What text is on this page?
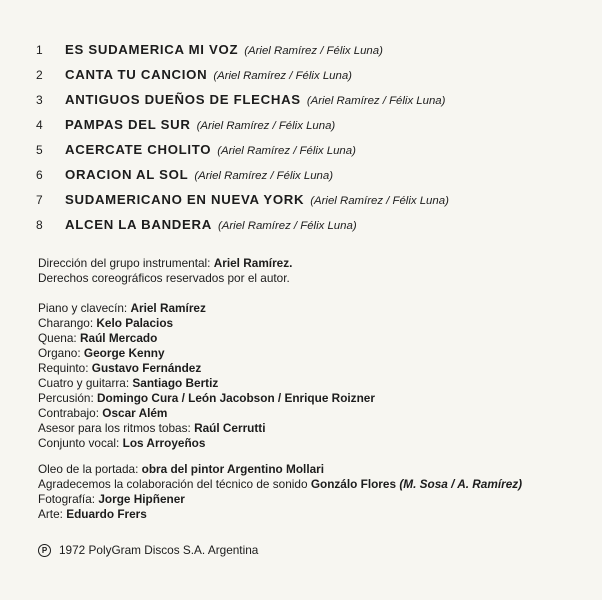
1	ES SUDAMERICA MI VOZ (Ariel Ramírez / Félix Luna)
2	CANTA TU CANCION (Ariel Ramírez / Félix Luna)
3	ANTIGUOS DUEÑOS DE FLECHAS (Ariel Ramírez / Félix Luna)
4	PAMPAS DEL SUR (Ariel Ramírez / Félix Luna)
5	ACERCATE CHOLITO (Ariel Ramírez / Félix Luna)
6	ORACION AL SOL (Ariel Ramírez / Félix Luna)
7	SUDAMERICANO EN NUEVA YORK (Ariel Ramírez / Félix Luna)
8	ALCEN LA BANDERA (Ariel Ramírez / Félix Luna)
Dirección del grupo instrumental: Ariel Ramírez.
Derechos coreográficos reservados por el autor.
Piano y clavecín: Ariel Ramírez
Charango: Kelo Palacios
Quena: Raúl Mercado
Organo: George Kenny
Requinto: Gustavo Fernández
Cuatro y guitarra: Santiago Bertiz
Percusión: Domingo Cura / León Jacobson / Enrique Roizner
Contrabajo: Oscar Além
Asesor para los ritmos tobas: Raúl Cerrutti
Conjunto vocal: Los Arroyeños
Oleo de la portada: obra del pintor Argentino Mollari
Agradecemos la colaboración del técnico de sonido Gonzálo Flores (M. Sosa / A. Ramírez)
Fotografía: Jorge Hipñener
Arte: Eduardo Frers
P	1972 PolyGram Discos S.A. Argentina
